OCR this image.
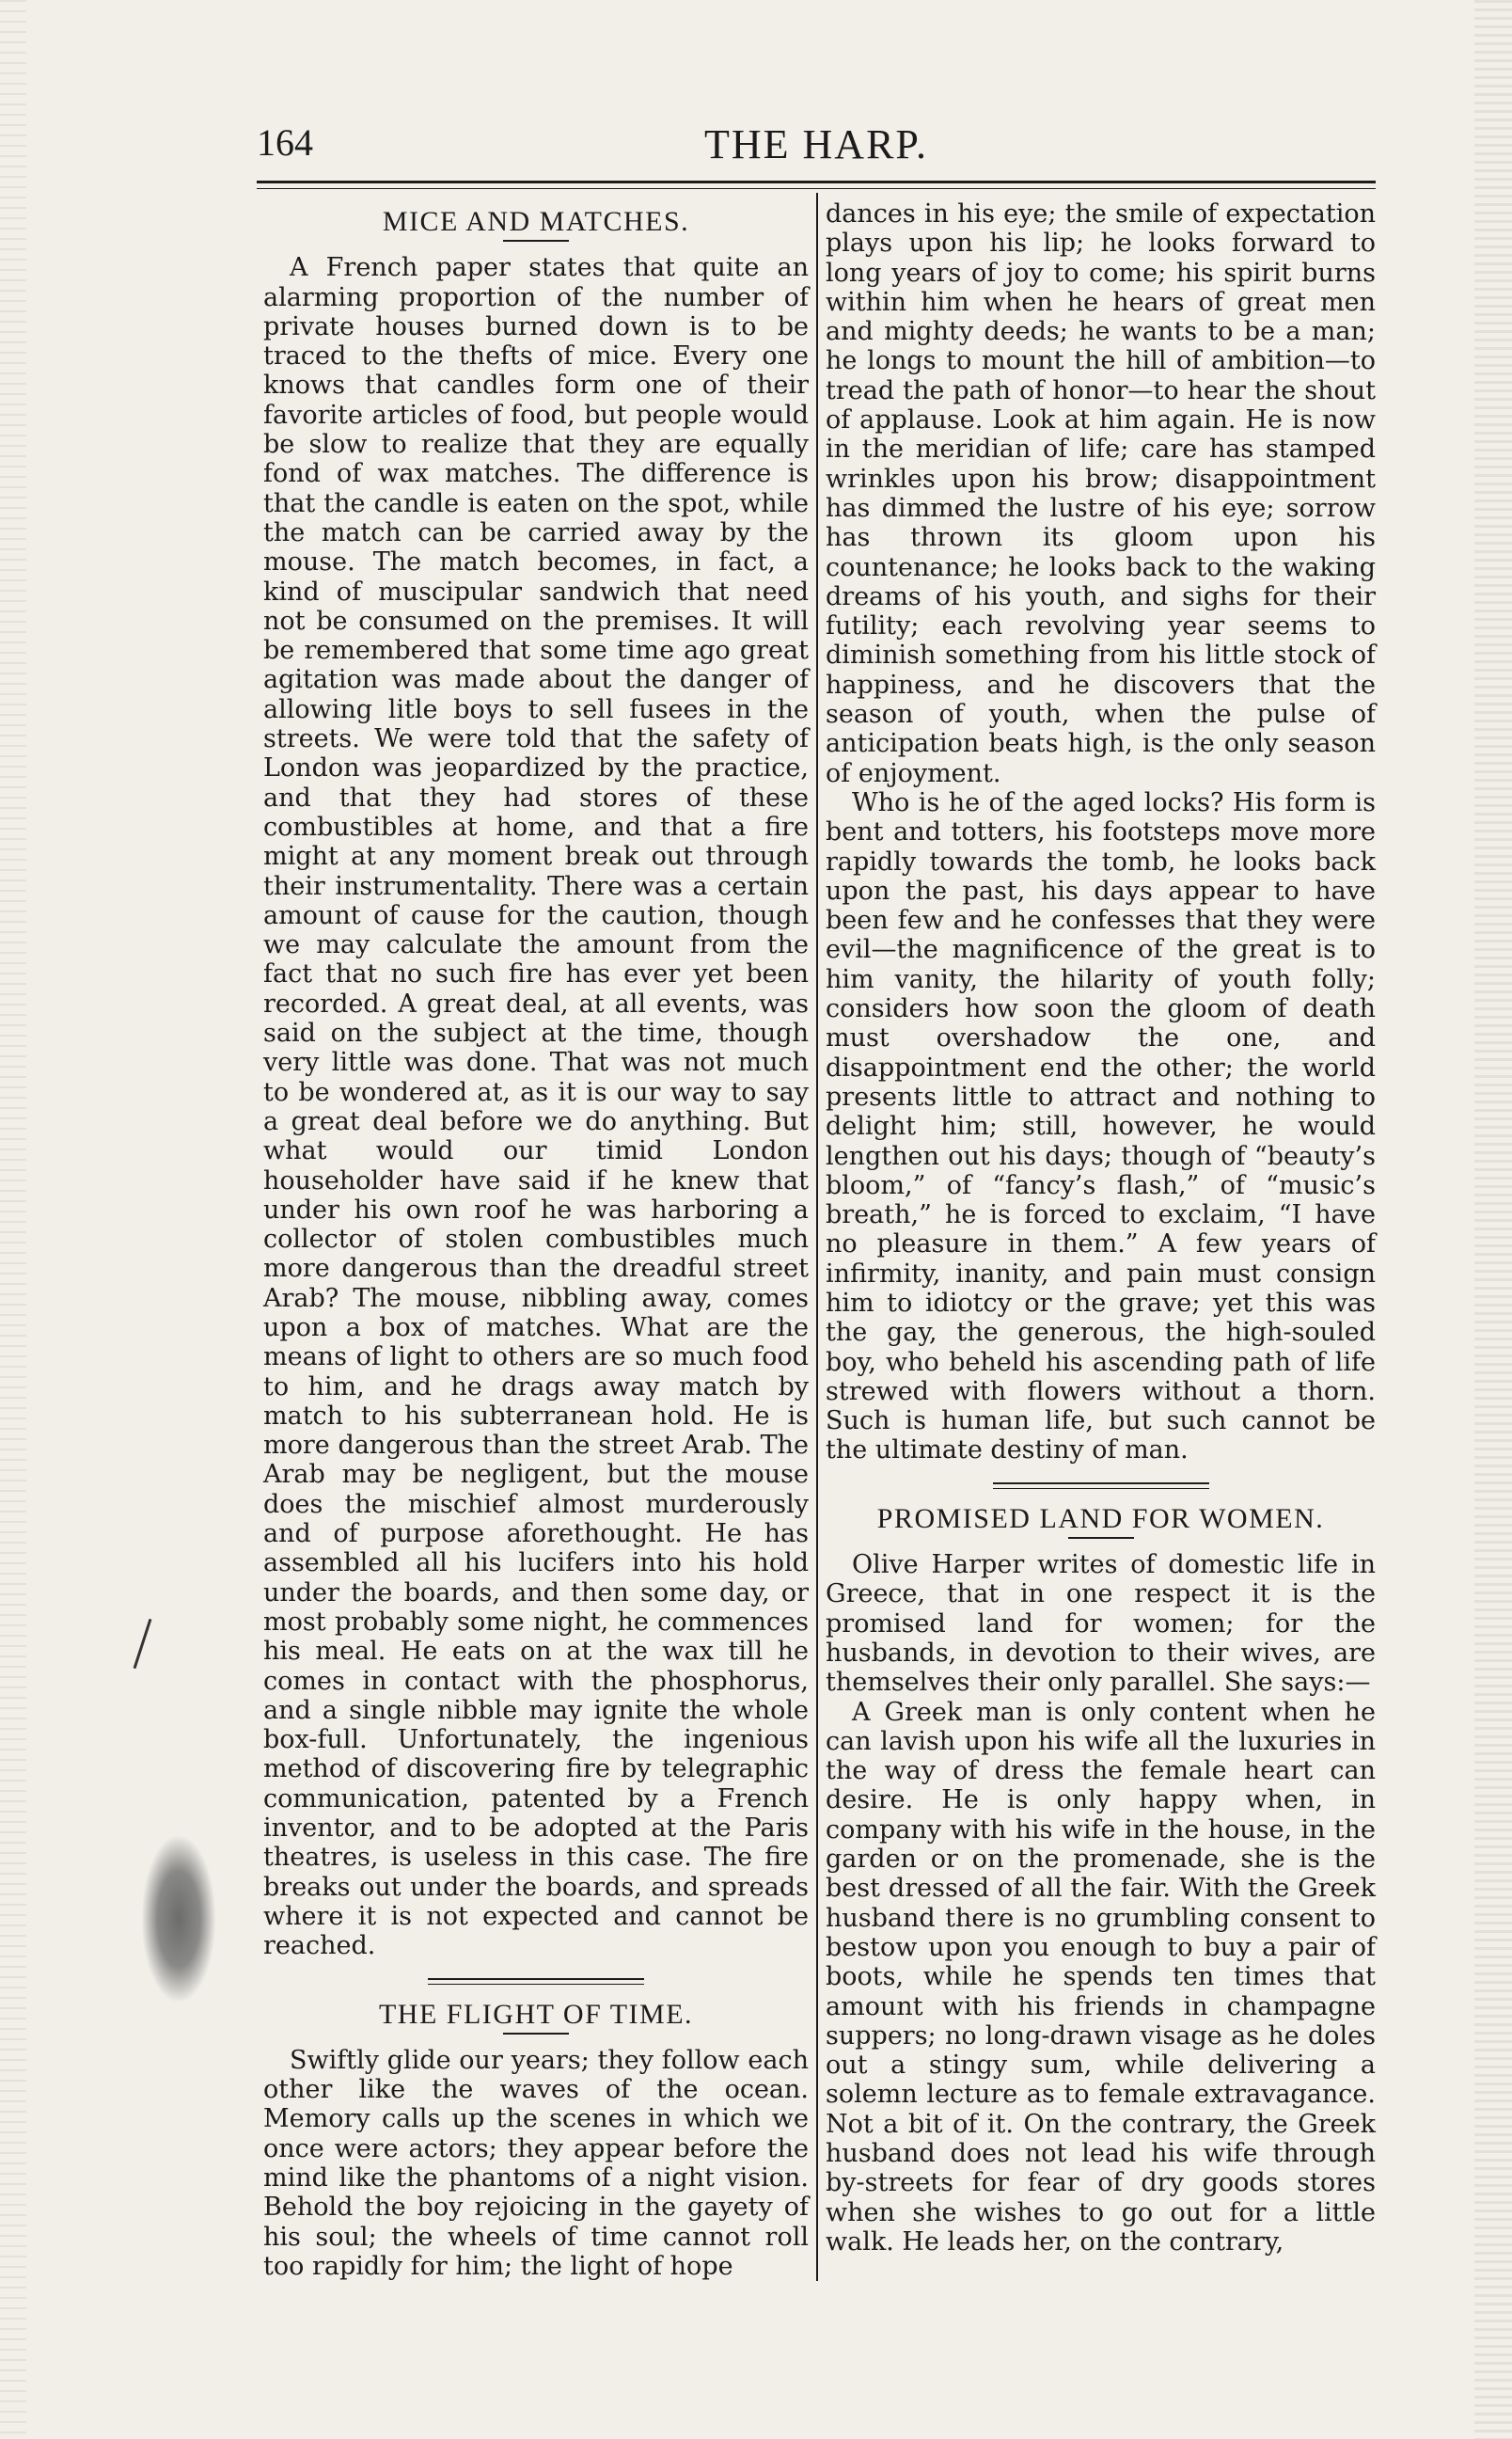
164	THE HARP.
MICE AND MATCHES.

A French paper states that quite an alarming proportion of the number of private houses burned down is to be traced to the thefts of mice. Every one knows that candles form one of their favorite articles of food, but people would be slow to realize that they are equally fond of wax matches. The difference is that the candle is eaten on the spot, while the match can be carried away by the mouse. The match becomes, in fact, a kind of muscipular sandwich that need not be consumed on the premises. It will be remembered that some time ago great agitation was made about the danger of allowing litle boys to sell fusees in the streets. We were told that the safety of London was jeopardized by the practice, and that they had stores of these combustibles at home, and that a fire might at any moment break out through their instrumentality. There was a certain amount of cause for the caution, though we may calculate the amount from the fact that no such fire has ever yet been recorded. A great deal, at all events, was said on the subject at the time, though very little was done. That was not much to be wondered at, as it is our way to say a great deal before we do anything. But what would our timid London householder have said if he knew that under his own roof he was harboring a collector of stolen combustibles much more dangerous than the dreadful street Arab? The mouse, nibbling away, comes upon a box of matches. What are the means of light to others are so much food to him, and he drags away match by match to his subterranean hold. He is more dangerous than the street Arab. The Arab may be negligent, but the mouse does the mischief almost murderously and of purpose aforethought. He has assembled all his lucifers into his hold under the boards, and then some day, or most probably some night, he commences his meal. He eats on at the wax till he comes in contact with the phosphorus, and a single nibble may ignite the whole box-full. Unfortunately, the ingenious method of discovering fire by telegraphic communication, patented by a French inventor, and to be adopted at the Paris theatres, is useless in this case. The fire breaks out under the boards, and spreads where it is not expected and cannot be reached.

THE FLIGHT OF TIME.

Swiftly glide our years; they follow each other like the waves of the ocean. Memory calls up the scenes in which we once were actors; they appear before the mind like the phantoms of a night vision. Behold the boy rejoicing in the gayety of his soul; the wheels of time cannot roll too rapidly for him; the light of hope

dances in his eye; the smile of expectation plays upon his lip; he looks forward to long years of joy to come; his spirit burns within him when he hears of great men and mighty deeds; he wants to be a man; he longs to mount the hill of ambition—to tread the path of honor—to hear the shout of applause. Look at him again. He is now in the meridian of life; care has stamped wrinkles upon his brow; disappointment has dimmed the lustre of his eye; sorrow has thrown its gloom upon his countenance; he looks back to the waking dreams of his youth, and sighs for their futility; each revolving year seems to diminish something from his little stock of happiness, and he discovers that the season of youth, when the pulse of anticipation beats high, is the only season of enjoyment.

Who is he of the aged locks? His form is bent and totters, his footsteps move more rapidly towards the tomb, he looks back upon the past, his days appear to have been few and he confesses that they were evil—the magnificence of the great is to him vanity, the hilarity of youth folly; considers how soon the gloom of death must overshadow the one, and disappointment end the other; the world presents little to attract and nothing to delight him; still, however, he would lengthen out his days; though of “beauty’s bloom,” of “fancy’s flash,” of “music’s breath,” he is forced to exclaim, “I have no pleasure in them.” A few years of infirmity, inanity, and pain must consign him to idiotcy or the grave; yet this was the gay, the generous, the high-souled boy, who beheld his ascending path of life strewed with flowers without a thorn. Such is human life, but such cannot be the ultimate destiny of man.

PROMISED LAND FOR WOMEN.

Olive Harper writes of domestic life in Greece, that in one respect it is the promised land for women; for the husbands, in devotion to their wives, are themselves their only parallel. She says:—

A Greek man is only content when he can lavish upon his wife all the luxuries in the way of dress the female heart can desire. He is only happy when, in company with his wife in the house, in the garden or on the promenade, she is the best dressed of all the fair. With the Greek husband there is no grumbling consent to bestow upon you enough to buy a pair of boots, while he spends ten times that amount with his friends in champagne suppers; no long-drawn visage as he doles out a stingy sum, while delivering a solemn lecture as to female extravagance. Not a bit of it. On the contrary, the Greek husband does not lead his wife through by-streets for fear of dry goods stores when she wishes to go out for a little walk. He leads her, on the contrary,
